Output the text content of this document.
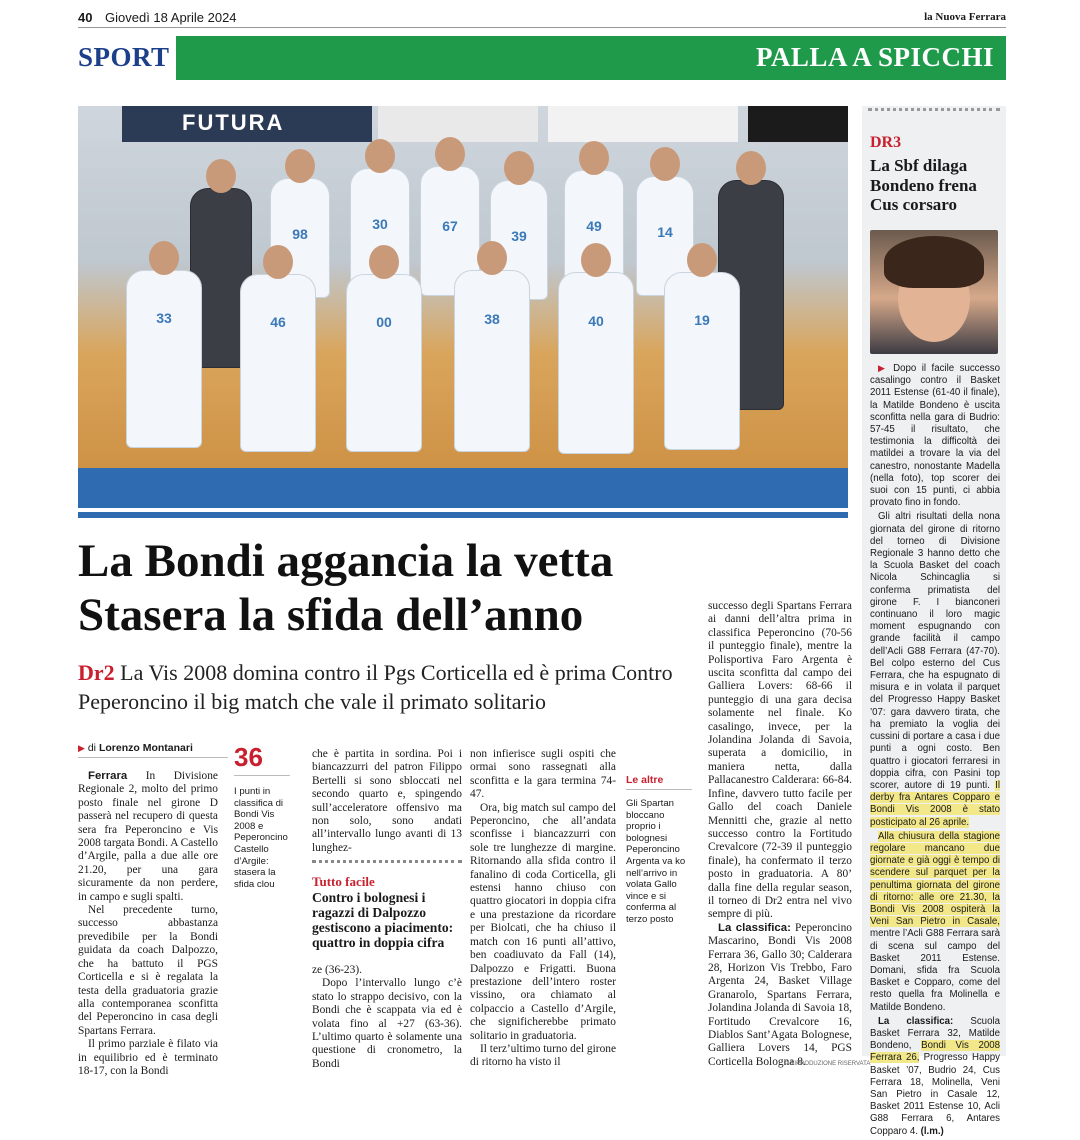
40 Giovedì 18 Aprile 2024	la Nuova Ferrara
SPORT	PALLA A SPICCHI
FUTURA
98
30	67
39
49	14
33	46	00	38	40	19
La Bondi aggancia la vetta Stasera la sfida dell’anno
Dr2 La Vis 2008 domina contro il Pgs Corticella ed è prima Contro Peperoncino il big match che vale il primato solitario
▶ di Lorenzo Montanari

Ferrara In Divisione Regionale 2, molto del primo posto finale nel girone D passerà nel recupero di questa sera fra Peperoncino e Vis 2008 targata Bondi. A Castello d’Argile, palla a due alle ore 21.20, per una gara sicuramente da non perdere, in campo e sugli spalti.

Nel precedente turno, successo abbastanza prevedibile per la Bondi guidata da coach Dalpozzo, che ha battuto il PGS Corticella e si è regalata la testa della graduatoria grazie alla contemporanea sconfitta del Peperoncino in casa degli Spartans Ferrara.

Il primo parziale è filato via in equilibrio ed è terminato 18-17, con la Bondi

36
I punti in classifica di Bondi Vis 2008 e Peperoncino Castello d’Argile: stasera la sfida clou

che è partita in sordina. Poi i biancazzurri del patron Filippo Bertelli si sono sbloccati nel secondo quarto e, spingendo sull’acceleratore offensivo ma non solo, sono andati all’intervallo lungo avanti di 13 lunghez-

Tutto facile
Contro i bolognesi i ragazzi di Dalpozzo gestiscono a piacimento: quattro in doppia cifra

ze (36-23).

Dopo l’intervallo lungo c’è stato lo strappo decisivo, con la Bondi che è scappata via ed è volata fino al +27 (63-36). L’ultimo quarto è solamente una questione di cronometro, la Bondi

non infierisce sugli ospiti che ormai sono rassegnati alla sconfitta e la gara termina 74-47.

Ora, big match sul campo del Peperoncino, che all’andata sconfisse i biancazzurri con sole tre lunghezze di margine. Ritornando alla sfida contro il fanalino di coda Corticella, gli estensi hanno chiuso con quattro giocatori in doppia cifra e una prestazione da ricordare per Biolcati, che ha chiuso il match con 16 punti all’attivo, ben coadiuvato da Fall (14), Dalpozzo e Frigatti. Buona prestazione dell’intero roster vissino, ora chiamato al colpaccio a Castello d’Argile, che significherebbe primato solitario in graduatoria.

Il terz’ultimo turno del girone di ritorno ha visto il

Le altre
Gli Spartan bloccano proprio i bolognesi Peperoncino Argenta va ko nell’arrivo in volata Gallo vince e si conferma al terzo posto

successo degli Spartans Ferrara ai danni dell’altra prima in classifica Peperoncino (70-56 il punteggio finale), mentre la Polisportiva Faro Argenta è uscita sconfitta dal campo dei Galliera Lovers: 68-66 il punteggio di una gara decisa solamente nel finale. Ko casalingo, invece, per la Jolandina Jolanda di Savoia, superata a domicilio, in maniera netta, dalla Pallacanestro Calderara: 66-84. Infine, davvero tutto facile per Gallo del coach Daniele Mennitti che, grazie al netto successo contro la Fortitudo Crevalcore (72-39 il punteggio finale), ha confermato il terzo posto in graduatoria. A 80’ dalla fine della regular season, il torneo di Dr2 entra nel vivo sempre di più.

La classifica: Peperoncino Mascarino, Bondi Vis 2008 Ferrara 36, Gallo 30; Calderara 28, Horizon Vis Trebbo, Faro Argenta 24, Basket Village Granarolo, Spartans Ferrara, Jolandina Jolanda di Savoia 18, Fortitudo Crevalcore 16, Diablos Sant’Agata Bolognese, Galliera Lovers 14, PGS Corticella Bologna 8.

DR3
La Sbf dilaga Bondeno frena Cus corsaro

▶ Dopo il facile successo casalingo contro il Basket 2011 Estense (61-40 il finale), la Matilde Bondeno è uscita sconfitta nella gara di Budrio: 57-45 il risultato, che testimonia la difficoltà dei matildei a trovare la via del canestro, nonostante Madella (nella foto), top scorer dei suoi con 15 punti, ci abbia provato fino in fondo.

Gli altri risultati della nona giornata del girone di ritorno del torneo di Divisione Regionale 3 hanno detto che la Scuola Basket del coach Nicola Schincaglia si conferma primatista del girone F. I bianconeri continuano il loro magic moment espugnando con grande facilità il campo dell’Acli G88 Ferrara (47-70). Bel colpo esterno del Cus Ferrara, che ha espugnato di misura e in volata il parquet del Progresso Happy Basket ’07: gara davvero tirata, che ha premiato la voglia dei cussini di portare a casa i due punti a ogni costo. Ben quattro i giocatori ferraresi in doppia cifra, con Pasini top scorer, autore di 19 punti. Il derby fra Antares Copparo e Bondi Vis 2008 è stato posticipato al 26 aprile.

Alla chiusura della stagione regolare mancano due giornate e già oggi è tempo di scendere sul parquet per la penultima giornata del girone di ritorno: alle ore 21.30, la Bondi Vis 2008 ospiterà la Veni San Pietro in Casale, mentre l’Acli G88 Ferrara sarà di scena sul campo del Basket 2011 Estense. Domani, sfida fra Scuola Basket e Copparo, come del resto quella fra Molinella e Matilde Bondeno.

La classifica: Scuola Basket Ferrara 32, Matilde Bondeno, Bondi Vis 2008 Ferrara 26, Progresso Happy Basket ’07, Budrio 24, Cus Ferrara 18, Molinella, Veni San Pietro in Casale 12, Basket 2011 Estense 10, Acli G88 Ferrara 6, Antares Copparo 4. (l.m.)

© RIPRODUZIONE RISERVATA
